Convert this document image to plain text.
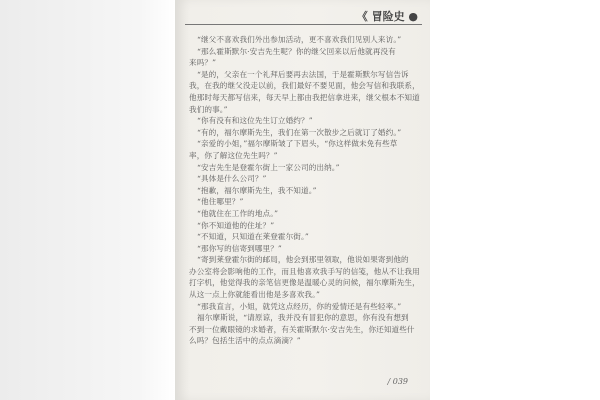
《 冒险史 ●
“继父不喜欢我们外出参加活动，更不喜欢我们见别人来访。”
“那么霍斯默尔·安吉先生呢？你的继父回来以后他就再没有
来吗？”
“是的，父亲在一个礼拜后要再去法国，于是霍斯默尔写信告诉
我，在我的继父没走以前，我们最好不要见面，他会写信和我联系，
他那时每天都写信来，每天早上都由我把信拿进来，继父根本不知道
我们的事。”
“你有没有和这位先生订立婚约？”
“有的，福尔摩斯先生，我们在第一次散步之后就订了婚约。”
“亲爱的小姐，”福尔摩斯皱了下眉头，“你这样做未免有些草
率，你了解这位先生吗？”
“安吉先生是登霍尔街上一家公司的出纳。”
“具体是什么公司？”
“抱歉，福尔摩斯先生，我不知道。”
“他住哪里？”
“他就住在工作的地点。”
“你不知道他的住址？”
“不知道，只知道在莱登霍尔街。”
“那你写的信寄到哪里？”
“寄到莱登霍尔街的邮局，他会到那里领取，他说如果寄到他的
办公室将会影响他的工作，而且他喜欢我手写的信笺，他从不让我用
打字机，他觉得我的亲笔信更像是温暖心灵的问候，福尔摩斯先生，
从这一点上你就能看出他是多喜欢我。”
“那我直言，小姐，就凭这点经历，你的爱情还是有些轻率。”
福尔摩斯说，“请原谅，我并没有冒犯你的意思，你有没有想到
不到一位戴眼镜的求婚者，有关霍斯默尔·安吉先生，你还知道些什
么吗？包括生活中的点点滴滴？”
/ 039
